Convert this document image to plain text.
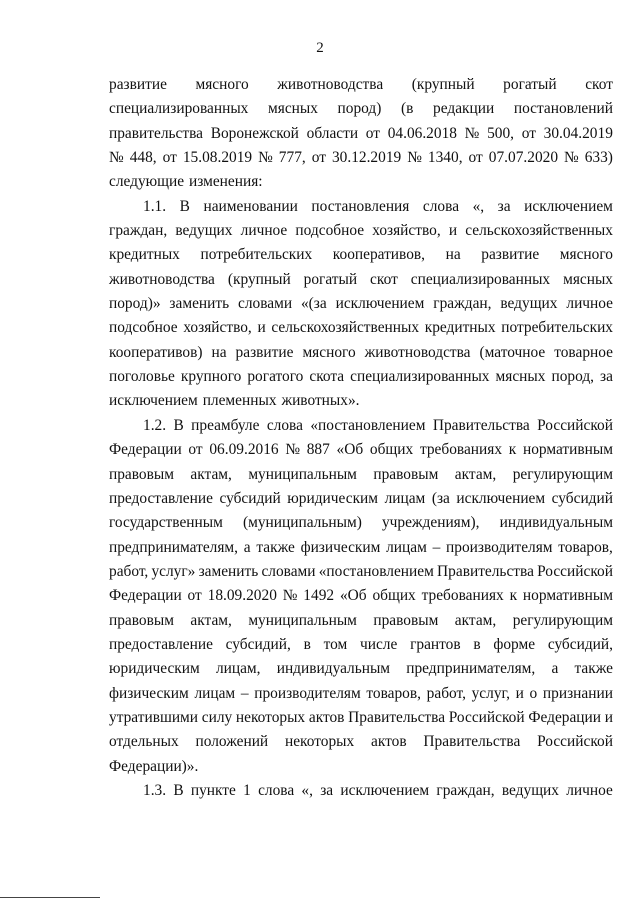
2
развитие мясного животноводства (крупный рогатый скот
специализированных мясных пород) (в редакции постановлений
правительства Воронежской области от 04.06.2018 № 500, от 30.04.2019
№ 448, от 15.08.2019 № 777, от 30.12.2019 № 1340, от 07.07.2020 № 633)
следующие изменения:
1.1. В наименовании постановления слова «, за исключением
граждан, ведущих личное подсобное хозяйство, и сельскохозяйственных
кредитных потребительских кооперативов, на развитие мясного
животноводства (крупный рогатый скот специализированных мясных
пород)» заменить словами «(за исключением граждан, ведущих личное
подсобное хозяйство, и сельскохозяйственных кредитных потребительских
кооперативов) на развитие мясного животноводства (маточное товарное
поголовье крупного рогатого скота специализированных мясных пород, за
исключением племенных животных».
1.2. В преамбуле слова «постановлением Правительства Российской
Федерации от 06.09.2016 № 887 «Об общих требованиях к нормативным
правовым актам, муниципальным правовым актам, регулирующим
предоставление субсидий юридическим лицам (за исключением субсидий
государственным (муниципальным) учреждениям), индивидуальным
предпринимателям, а также физическим лицам – производителям товаров,
работ, услуг» заменить словами «постановлением Правительства Российской
Федерации от 18.09.2020 № 1492 «Об общих требованиях к нормативным
правовым актам, муниципальным правовым актам, регулирующим
предоставление субсидий, в том числе грантов в форме субсидий,
юридическим лицам, индивидуальным предпринимателям, а также
физическим лицам – производителям товаров, работ, услуг, и о признании
утратившими силу некоторых актов Правительства Российской Федерации и
отдельных положений некоторых актов Правительства Российской
Федерации)».
1.3. В пункте 1 слова «, за исключением граждан, ведущих личное
